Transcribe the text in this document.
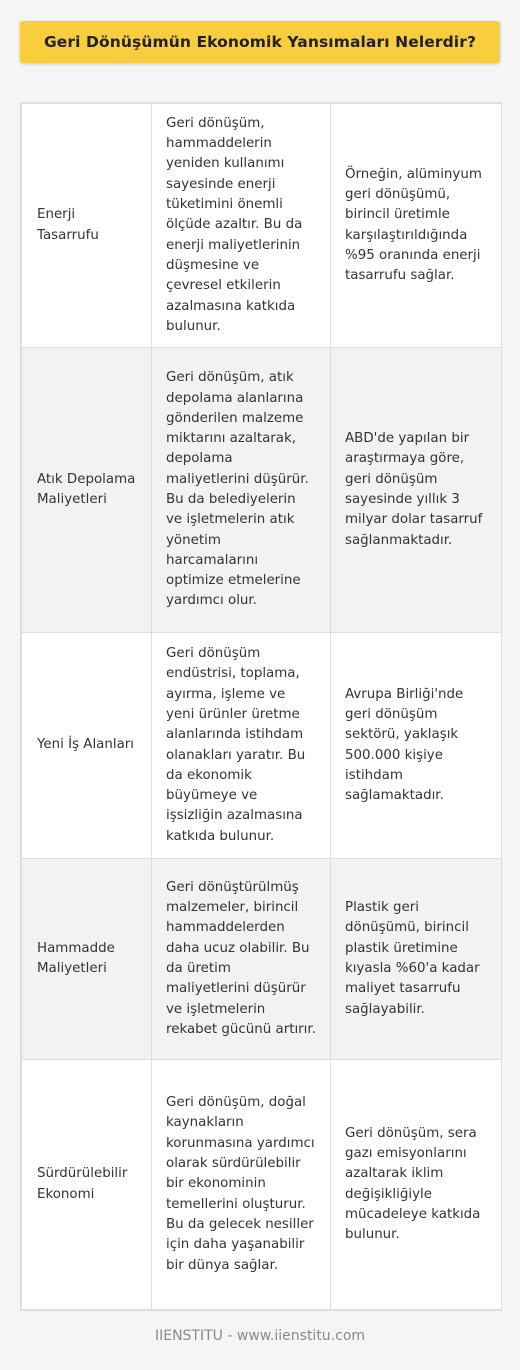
Geri Dönüşümün Ekonomik Yansımaları Nelerdir?
Enerji Tasarrufu	Geri dönüşüm, hammaddelerin yeniden kullanımı sayesinde enerji tüketimini önemli ölçüde azaltır. Bu da enerji maliyetlerinin düşmesine ve çevresel etkilerin azalmasına katkıda bulunur.	Örneğin, alüminyum geri dönüşümü, birincil üretimle karşılaştırıldığında %95 oranında enerji tasarrufu sağlar.
Atık Depolama Maliyetleri	Geri dönüşüm, atık depolama alanlarına gönderilen malzeme miktarını azaltarak, depolama maliyetlerini düşürür. Bu da belediyelerin ve işletmelerin atık yönetim harcamalarını optimize etmelerine yardımcı olur.	ABD'de yapılan bir araştırmaya göre, geri dönüşüm sayesinde yıllık 3 milyar dolar tasarruf sağlanmaktadır.
Yeni İş Alanları	Geri dönüşüm endüstrisi, toplama, ayırma, işleme ve yeni ürünler üretme alanlarında istihdam olanakları yaratır. Bu da ekonomik büyümeye ve işsizliğin azalmasına katkıda bulunur.	Avrupa Birliği'nde geri dönüşüm sektörü, yaklaşık 500.000 kişiye istihdam sağlamaktadır.
Hammadde Maliyetleri	Geri dönüştürülmüş malzemeler, birincil hammaddelerden daha ucuz olabilir. Bu da üretim maliyetlerini düşürür ve işletmelerin rekabet gücünü artırır.	Plastik geri dönüşümü, birincil plastik üretimine kıyasla %60'a kadar maliyet tasarrufu sağlayabilir.
Sürdürülebilir Ekonomi	Geri dönüşüm, doğal kaynakların korunmasına yardımcı olarak sürdürülebilir bir ekonominin temellerini oluşturur. Bu da gelecek nesiller için daha yaşanabilir bir dünya sağlar.	Geri dönüşüm, sera gazı emisyonlarını azaltarak iklim değişikliğiyle mücadeleye katkıda bulunur.
IIENSTITU - www.iienstitu.com
